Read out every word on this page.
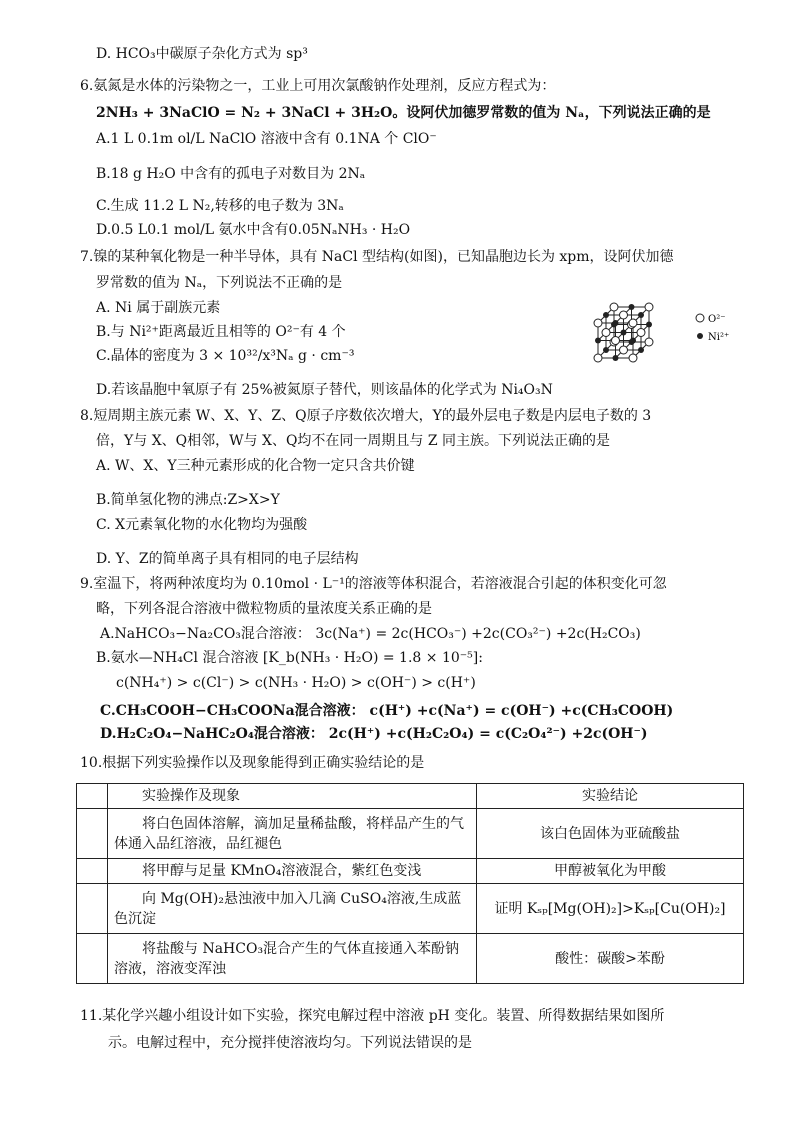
D. HCO₃中碳原子杂化方式为 sp³
6.氨氮是水体的污染物之一，工业上可用次氯酸钠作处理剂，反应方程式为：
2NH₃ + 3NaClO = N₂ + 3NaCl + 3H₂O。设阿伏加德罗常数的值为 Nₐ，下列说法正确的是
A.1 L 0.1m ol/L NaClO 溶液中含有 0.1NA 个 ClO⁻
B.18 g H₂O 中含有的孤电子对数目为 2Nₐ
C.生成 11.2 L N₂,转移的电子数为 3Nₐ
D.0.5 L0.1 mol/L 氨水中含有0.05NₐNH₃ · H₂O
7.镍的某种氧化物是一种半导体，具有 NaCl 型结构(如图)，已知晶胞边长为 xpm，设阿伏加德
罗常数的值为 Nₐ，下列说法不正确的是
A. Ni 属于副族元素
B.与 Ni²⁺距离最近且相等的 O²⁻有 4 个
C.晶体的密度为 3 × 10³²/x³Nₐ g · cm⁻³
D.若该晶胞中氧原子有 25%被氮原子替代，则该晶体的化学式为 Ni₄O₃N
8.短周期主族元素 W、X、Y、Z、Q原子序数依次增大，Y的最外层电子数是内层电子数的 3
倍，Y与 X、Q相邻，W与 X、Q均不在同一周期且与 Z 同主族。下列说法正确的是
A. W、X、Y三种元素形成的化合物一定只含共价键
B.简单氢化物的沸点:Z>X>Y
C. X元素氧化物的水化物均为强酸
D. Y、Z的简单离子具有相同的电子层结构
9.室温下，将两种浓度均为 0.10mol · L⁻¹的溶液等体积混合，若溶液混合引起的体积变化可忽
略，下列各混合溶液中微粒物质的量浓度关系正确的是
A.NaHCO₃−Na₂CO₃混合溶液： 3c(Na⁺) = 2c(HCO₃⁻) +2c(CO₃²⁻) +2c(H₂CO₃)
B.氨水—NH₄Cl 混合溶液 [K_b(NH₃ · H₂O) = 1.8 × 10⁻⁵]:
c(NH₄⁺) > c(Cl⁻) > c(NH₃ · H₂O) > c(OH⁻) > c(H⁺)
C.CH₃COOH−CH₃COONa混合溶液： c(H⁺) +c(Na⁺) = c(OH⁻) +c(CH₃COOH)
D.H₂C₂O₄−NaHC₂O₄混合溶液： 2c(H⁺) +c(H₂C₂O₄) = c(C₂O₄²⁻) +2c(OH⁻)
10.根据下列实验操作以及现象能得到正确实验结论的是
11.某化学兴趣小组设计如下实验，探究电解过程中溶液 pH 变化。装置、所得数据结果如图所
示。电解过程中，充分搅拌使溶液均匀。下列说法错误的是
O²⁻
Ni²⁺
	实验操作及现象	实验结论
	将白色固体溶解，滴加足量稀盐酸，将样品产生的气体通入品红溶液，品红褪色	该白色固体为亚硫酸盐
	将甲醇与足量 KMnO₄溶液混合，紫红色变浅	甲醇被氧化为甲酸
	向 Mg(OH)₂悬浊液中加入几滴 CuSO₄溶液,生成蓝色沉淀	证明 Kₛₚ[Mg(OH)₂]>Kₛₚ[Cu(OH)₂]
	将盐酸与 NaHCO₃混合产生的气体直接通入苯酚钠溶液，溶液变浑浊	酸性：碳酸>苯酚
